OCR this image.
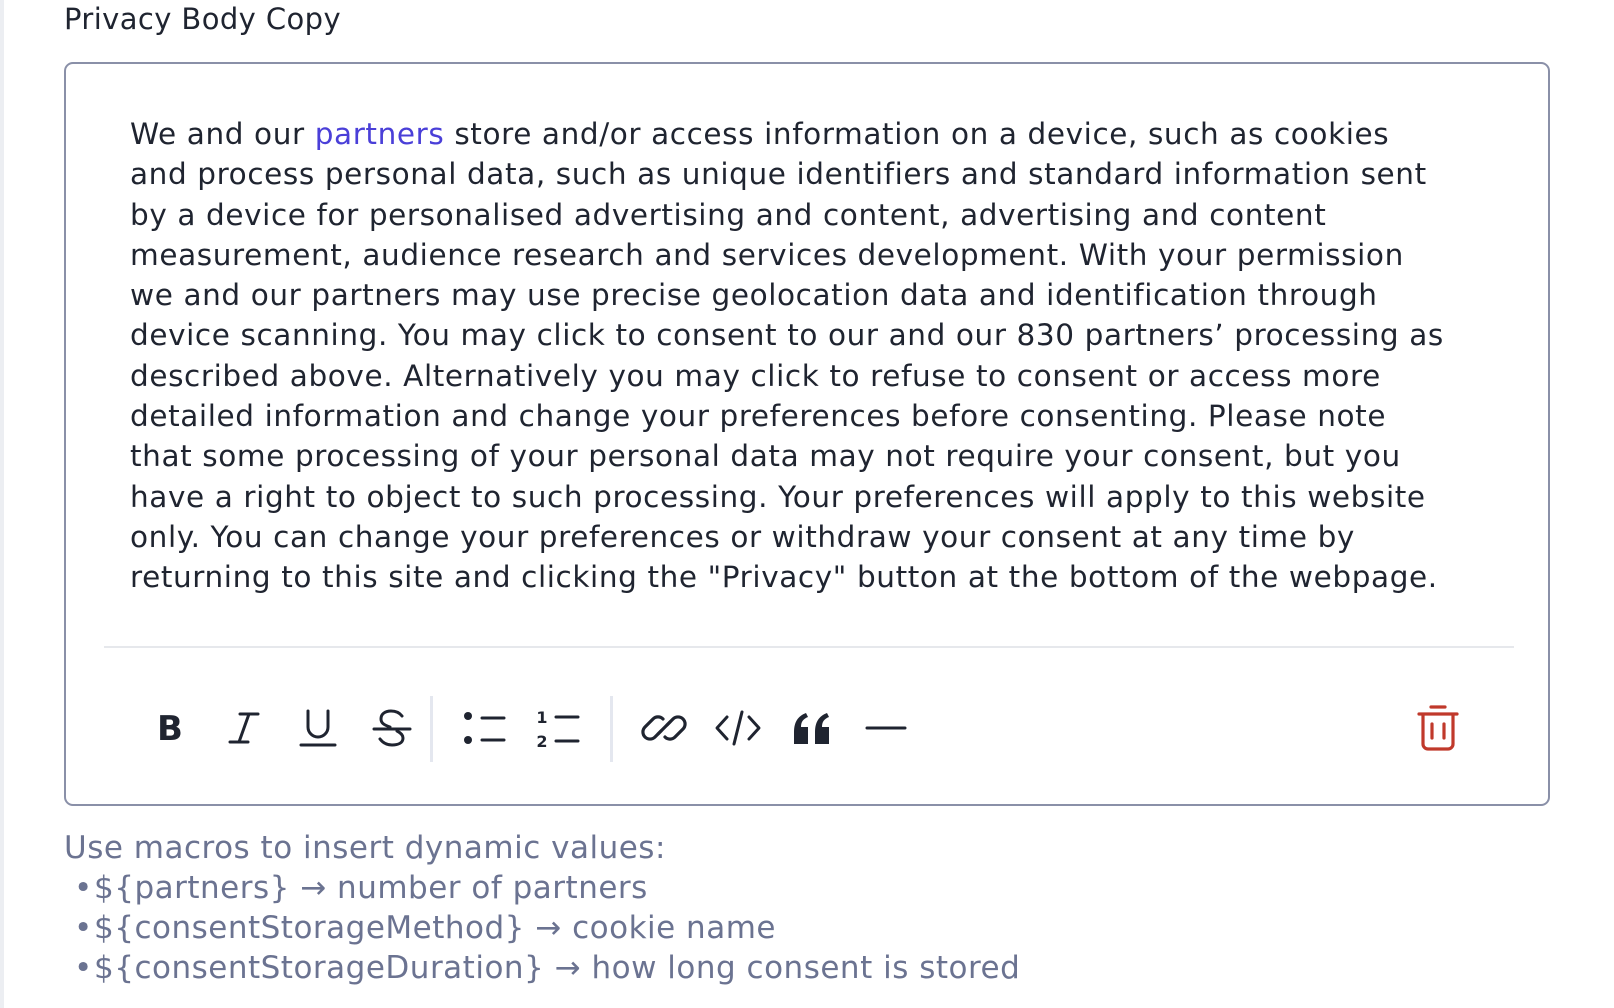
Privacy Body Copy
We and our partners store and/or access information on a device, such as cookies
and process personal data, such as unique identifiers and standard information sent
by a device for personalised advertising and content, advertising and content
measurement, audience research and services development. With your permission
we and our partners may use precise geolocation data and identification through
device scanning. You may click to consent to our and our 830 partners’ processing as
described above. Alternatively you may click to refuse to consent or access more
detailed information and change your preferences before consenting. Please note
that some processing of your personal data may not require your consent, but you
have a right to object to such processing. Your preferences will apply to this website
only. You can change your preferences or withdraw your consent at any time by
returning to this site and clicking the "Privacy" button at the bottom of the webpage.
B	1
2
Use macros to insert dynamic values:
•${partners} → number of partners
•${consentStorageMethod} → cookie name
•${consentStorageDuration} → how long consent is stored
